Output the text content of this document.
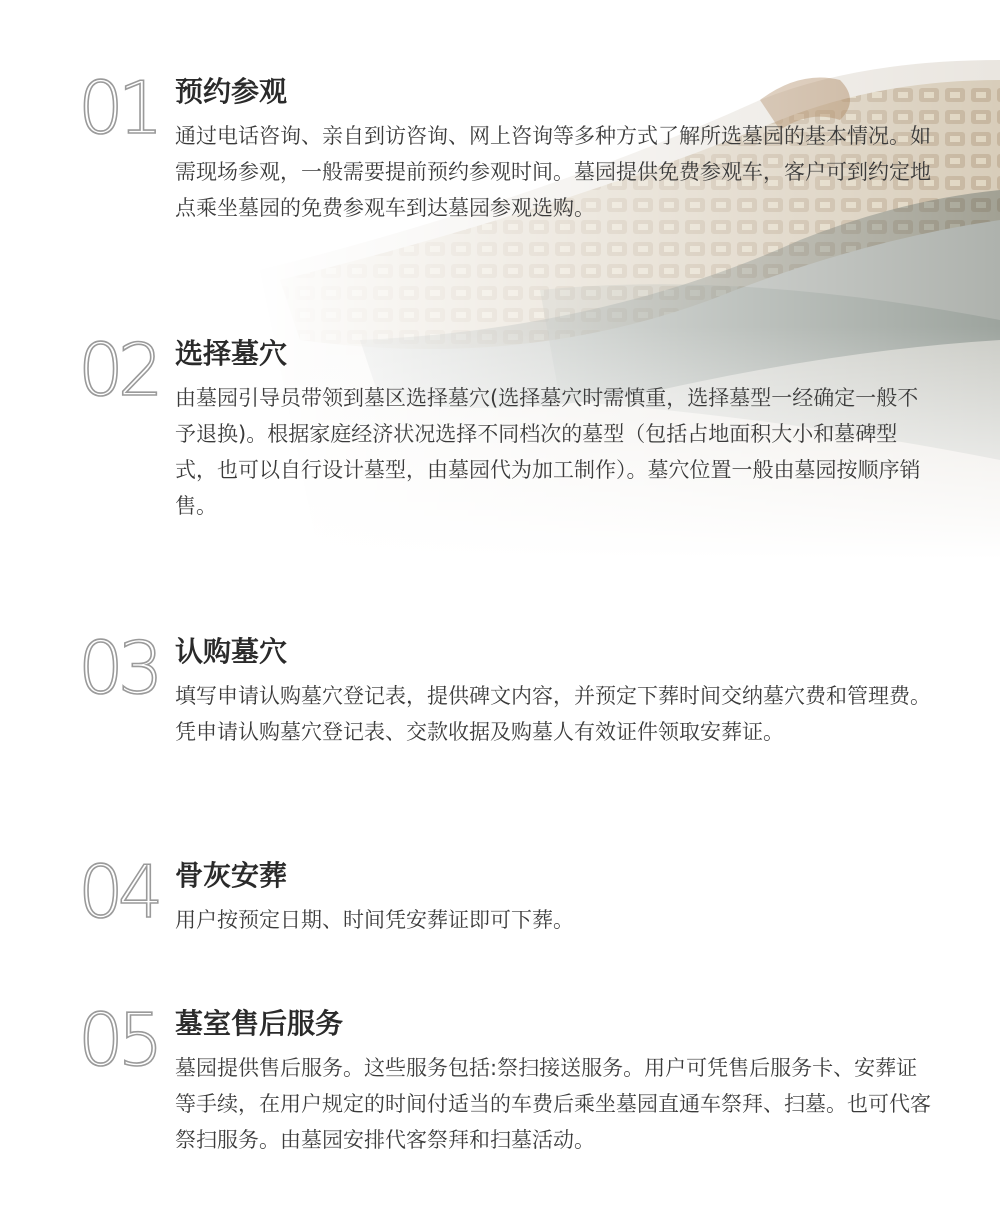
01 预约参观

通过电话咨询、亲自到访咨询、网上咨询等多种方式了解所选墓园的基本情况。如需现场参观，一般需要提前预约参观时间。墓园提供免费参观车，客户可到约定地点乘坐墓园的免费参观车到达墓园参观选购。

02 选择墓穴

由墓园引导员带领到墓区选择墓穴(选择墓穴时需慎重，选择墓型一经确定一般不予退换)。根据家庭经济状况选择不同档次的墓型（包括占地面积大小和墓碑型式，也可以自行设计墓型，由墓园代为加工制作）。墓穴位置一般由墓园按顺序销售。

03 认购墓穴

填写申请认购墓穴登记表，提供碑文内容，并预定下葬时间交纳墓穴费和管理费。凭申请认购墓穴登记表、交款收据及购墓人有效证件领取安葬证。

04 骨灰安葬

用户按预定日期、时间凭安葬证即可下葬。

05 墓室售后服务

墓园提供售后服务。这些服务包括:祭扫接送服务。用户可凭售后服务卡、安葬证等手续，在用户规定的时间付适当的车费后乘坐墓园直通车祭拜、扫墓。也可代客祭扫服务。由墓园安排代客祭拜和扫墓活动。
